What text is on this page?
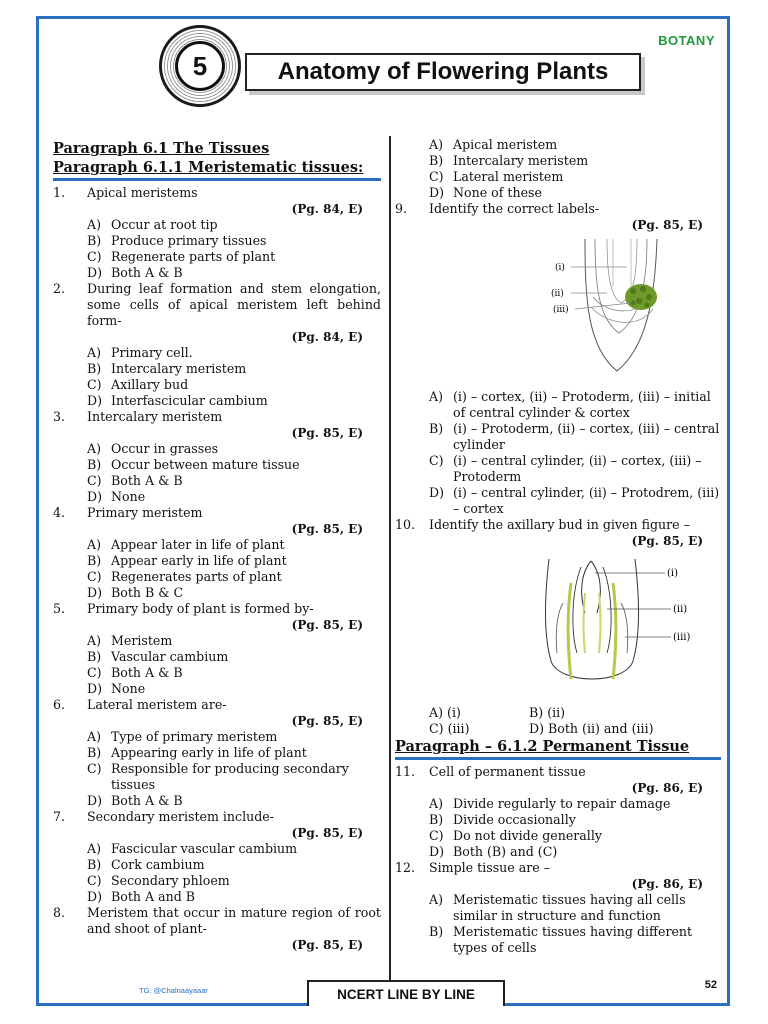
BOTANY
5	Anatomy of Flowering Plants
Paragraph 6.1 The Tissues
Paragraph 6.1.1 Meristematic tissues:
1.	Apical meristems
(Pg. 84, E)
A) Occur at root tip
B) Produce primary tissues
C) Regenerate parts of plant
D) Both A & B
2.	During leaf formation and stem elongation, some cells of apical meristem left behind form-
(Pg. 84, E)
A) Primary cell.
B) Intercalary meristem
C) Axillary bud
D) Interfascicular cambium
3.	Intercalary meristem
(Pg. 85, E)
A) Occur in grasses
B) Occur between mature tissue
C) Both A & B
D) None
4.	Primary meristem
(Pg. 85, E)
A) Appear later in life of plant
B) Appear early in life of plant
C) Regenerates parts of plant
D) Both B & C
5.	Primary body of plant is formed by-
(Pg. 85, E)
A) Meristem
B) Vascular cambium
C) Both A & B
D) None
6.	Lateral meristem are-
(Pg. 85, E)
A) Type of primary meristem
B) Appearing early in life of plant
C) Responsible for producing secondary tissues
D) Both A & B
7.	Secondary meristem include-
(Pg. 85, E)
A) Fascicular vascular cambium
B) Cork cambium
C) Secondary phloem
D) Both A and B
8.	Meristem that occur in mature region of root and shoot of plant-
(Pg. 85, E)
A) Apical meristem
B) Intercalary meristem
C) Lateral meristem
D) None of these
9.	Identify the correct labels-
(Pg. 85, E)
(i)
(ii)
(iii)
A) (i) – cortex, (ii) – Protoderm, (iii) – initial of central cylinder & cortex
B) (i) – Protoderm, (ii) – cortex, (iii) – central cylinder
C) (i) – central cylinder, (ii) – cortex, (iii) – Protoderm
D) (i) – central cylinder, (ii) – Protodrem, (iii) – cortex
10.	Identify the axillary bud in given figure –
(Pg. 85, E)
(i)
(ii)
(iii)
A) (i)	B) (ii)
C) (iii)	D) Both (ii) and (iii)
Paragraph – 6.1.2 Permanent Tissue
11.	Cell of permanent tissue
(Pg. 86, E)
A) Divide regularly to repair damage
B) Divide occasionally
C) Do not divide generally
D) Both (B) and (C)
12.	Simple tissue are –
(Pg. 86, E)
A) Meristematic tissues having all cells similar in structure and function
B) Meristematic tissues having different types of cells
TG: @Chalnaayaaar	NCERT LINE BY LINE
52
